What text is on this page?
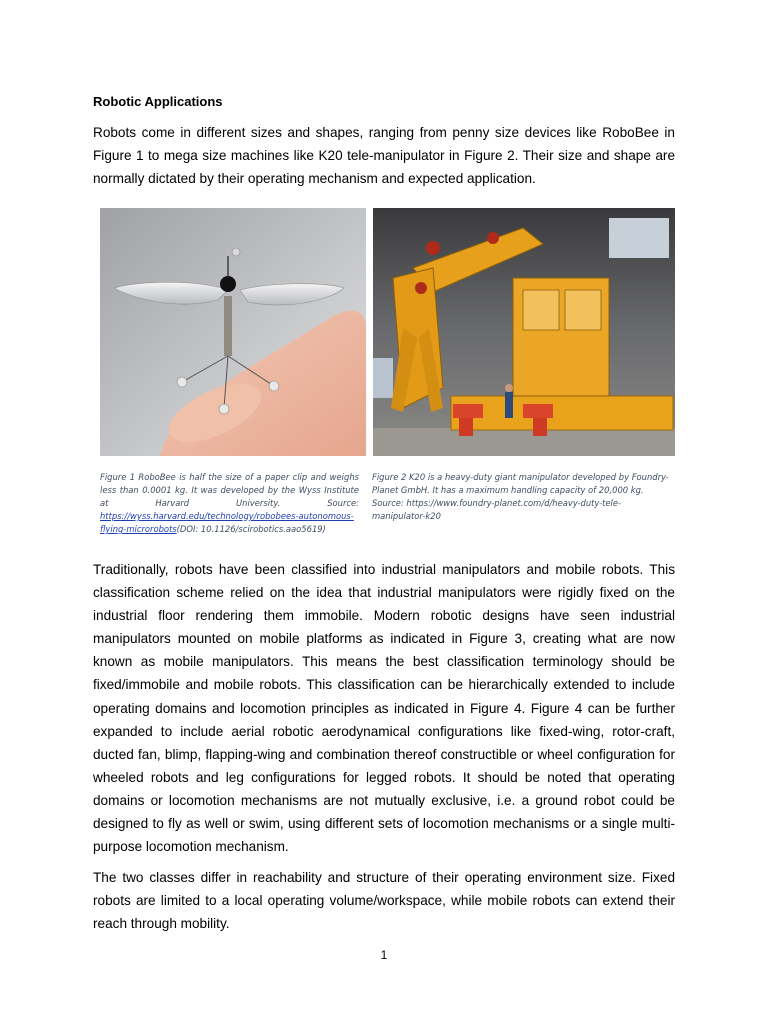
Robotic Applications

Robots come in different sizes and shapes, ranging from penny size devices like RoboBee in Figure 1 to mega size machines like K20 tele-manipulator in Figure 2. Their size and shape are normally dictated by their operating mechanism and expected application.

Figure 1 RoboBee is half the size of a paper clip and weighs less than 0.0001 kg. It was developed by the Wyss Institute at Harvard University. Source: https://wyss.harvard.edu/technology/robobees-autonomous-flying-microrobots(DOI: 10.1126/scirobotics.aao5619)

Figure 2 K20 is a heavy-duty giant manipulator developed by Foundry-Planet GmbH. It has a maximum handling capacity of 20,000 kg. Source: https://www.foundry-planet.com/d/heavy-duty-tele-manipulator-k20

Traditionally, robots have been classified into industrial manipulators and mobile robots. This classification scheme relied on the idea that industrial manipulators were rigidly fixed on the industrial floor rendering them immobile. Modern robotic designs have seen industrial manipulators mounted on mobile platforms as indicated in Figure 3, creating what are now known as mobile manipulators. This means the best classification terminology should be fixed/immobile and mobile robots. This classification can be hierarchically extended to include operating domains and locomotion principles as indicated in Figure 4. Figure 4 can be further expanded to include aerial robotic aerodynamical configurations like fixed-wing, rotor-craft, ducted fan, blimp, flapping-wing and combination thereof constructible or wheel configuration for wheeled robots and leg configurations for legged robots. It should be noted that operating domains or locomotion mechanisms are not mutually exclusive, i.e. a ground robot could be designed to fly as well or swim, using different sets of locomotion mechanisms or a single multi-purpose locomotion mechanism.

The two classes differ in reachability and structure of their operating environment size. Fixed robots are limited to a local operating volume/workspace, while mobile robots can extend their reach through mobility.

1
